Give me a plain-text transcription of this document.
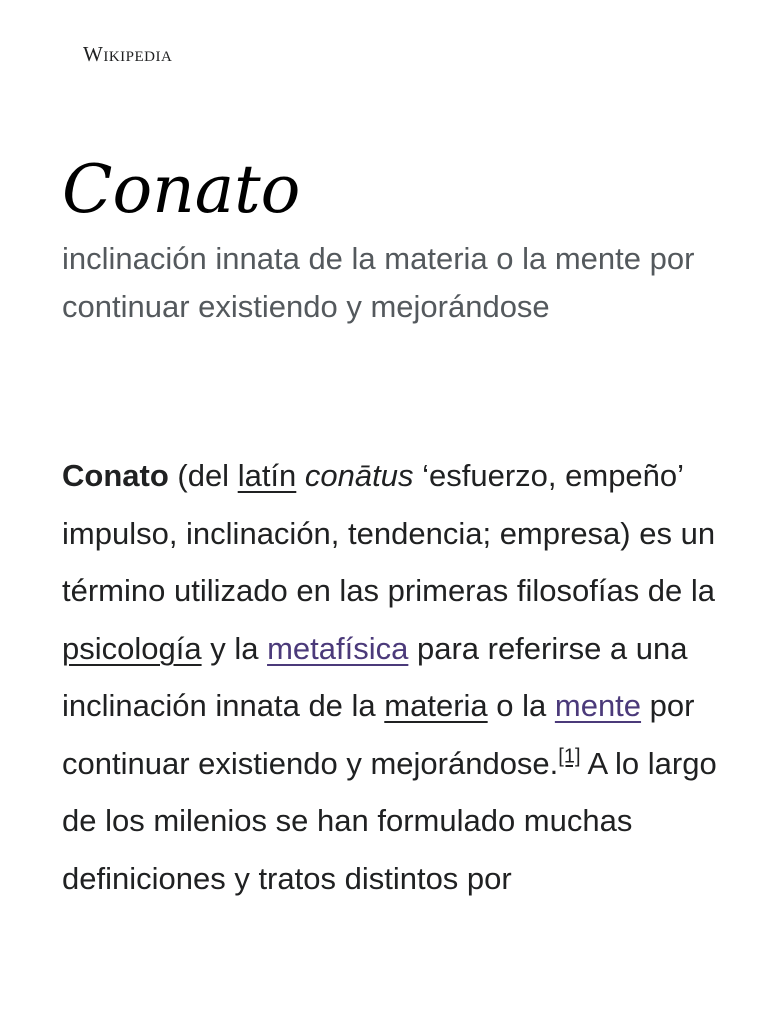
Wikipedia
Conato

inclinación innata de la materia o la mente por continuar existiendo y mejorándose

Conato (del latín conātus ‘esfuerzo, empeño’ impulso, inclinación, tendencia; empresa) es un término utilizado en las primeras filosofías de la psicología y la metafísica para referirse a una inclinación innata de la materia o la mente por continuar existiendo y mejorándose.[1] A lo largo de los milenios se han formulado muchas definiciones y tratos distintos por
